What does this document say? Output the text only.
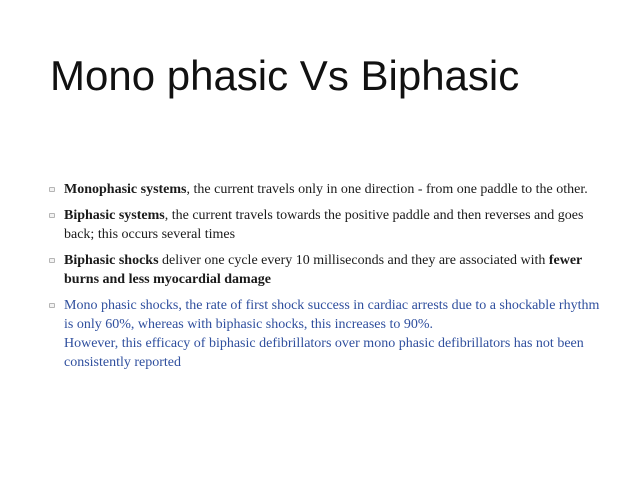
Mono phasic Vs Biphasic
Monophasic systems, the current travels only in one direction - from one paddle to the other.
Biphasic systems, the current travels towards the positive paddle and then reverses and goes back; this occurs several times
Biphasic shocks deliver one cycle every 10 milliseconds and they are associated with fewer burns and less myocardial damage
Mono phasic shocks, the rate of first shock success in cardiac arrests due to a shockable rhythm is only 60%, whereas with biphasic shocks, this increases to 90%.
However, this efficacy of biphasic defibrillators over mono phasic defibrillators has not been consistently reported
